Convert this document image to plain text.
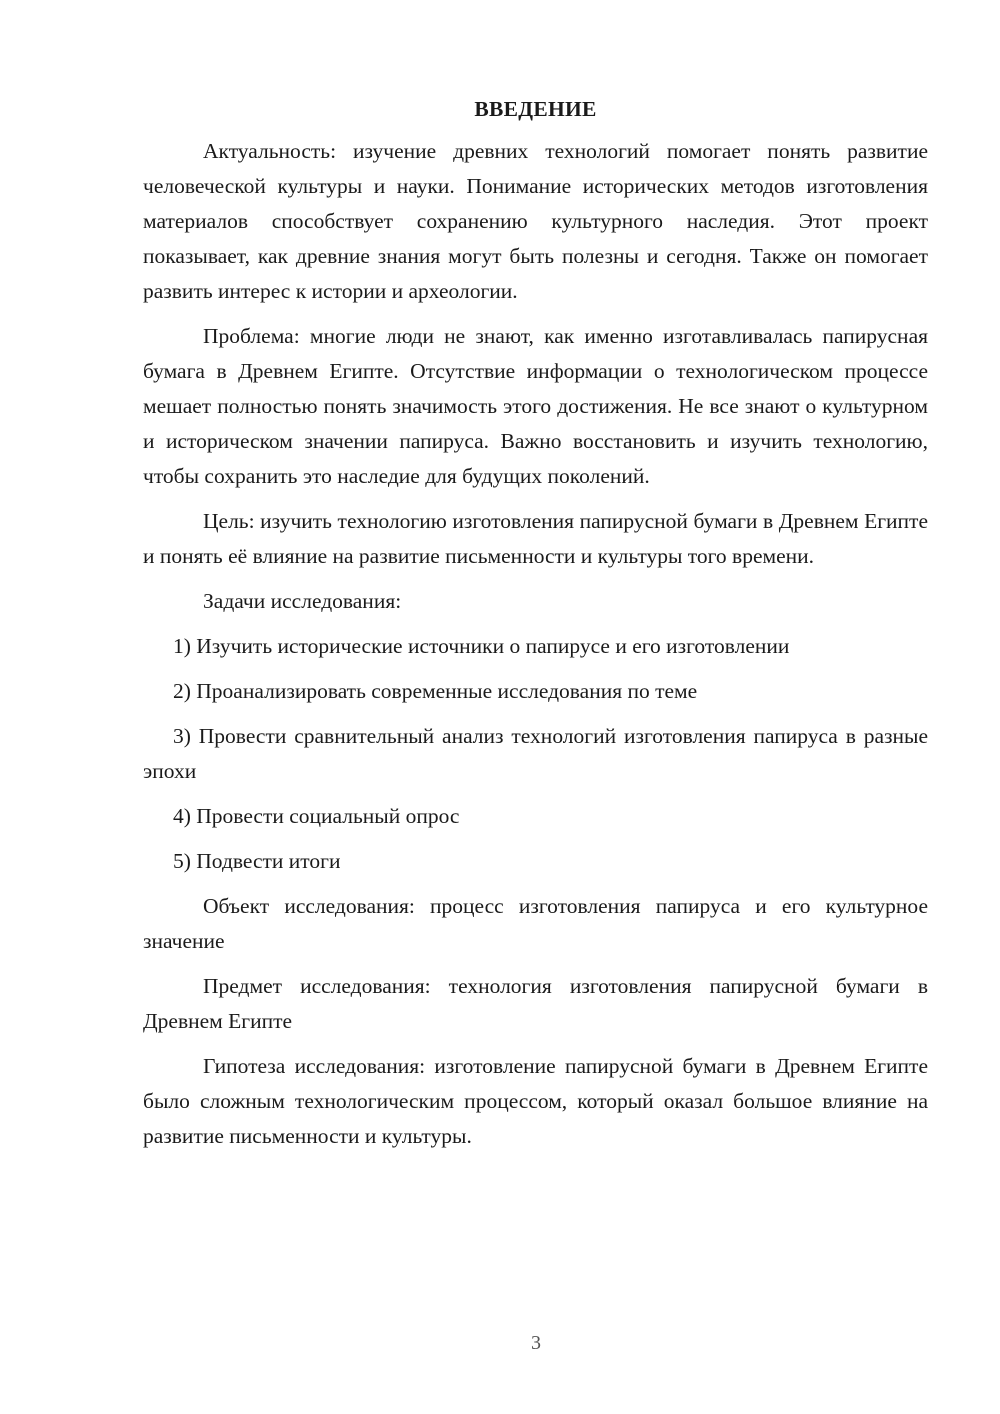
ВВЕДЕНИЕ

Актуальность: изучение древних технологий помогает понять развитие человеческой культуры и науки. Понимание исторических методов изготовления материалов способствует сохранению культурного наследия. Этот проект показывает, как древние знания могут быть полезны и сегодня. Также он помогает развить интерес к истории и археологии.

Проблема: многие люди не знают, как именно изготавливалась папирусная бумага в Древнем Египте. Отсутствие информации о технологическом процессе мешает полностью понять значимость этого достижения. Не все знают о культурном и историческом значении папируса. Важно восстановить и изучить технологию, чтобы сохранить это наследие для будущих поколений.

Цель: изучить технологию изготовления папирусной бумаги в Древнем Египте и понять её влияние на развитие письменности и культуры того времени.

Задачи исследования:

1) Изучить исторические источники о папирусе и его изготовлении

2) Проанализировать современные исследования по теме

3) Провести сравнительный анализ технологий изготовления папируса в разные эпохи

4) Провести социальный опрос

5) Подвести итоги

Объект исследования: процесс изготовления папируса и его культурное значение

Предмет исследования: технология изготовления папирусной бумаги в Древнем Египте

Гипотеза исследования: изготовление папирусной бумаги в Древнем Египте было сложным технологическим процессом, который оказал большое влияние на развитие письменности и культуры.

3
